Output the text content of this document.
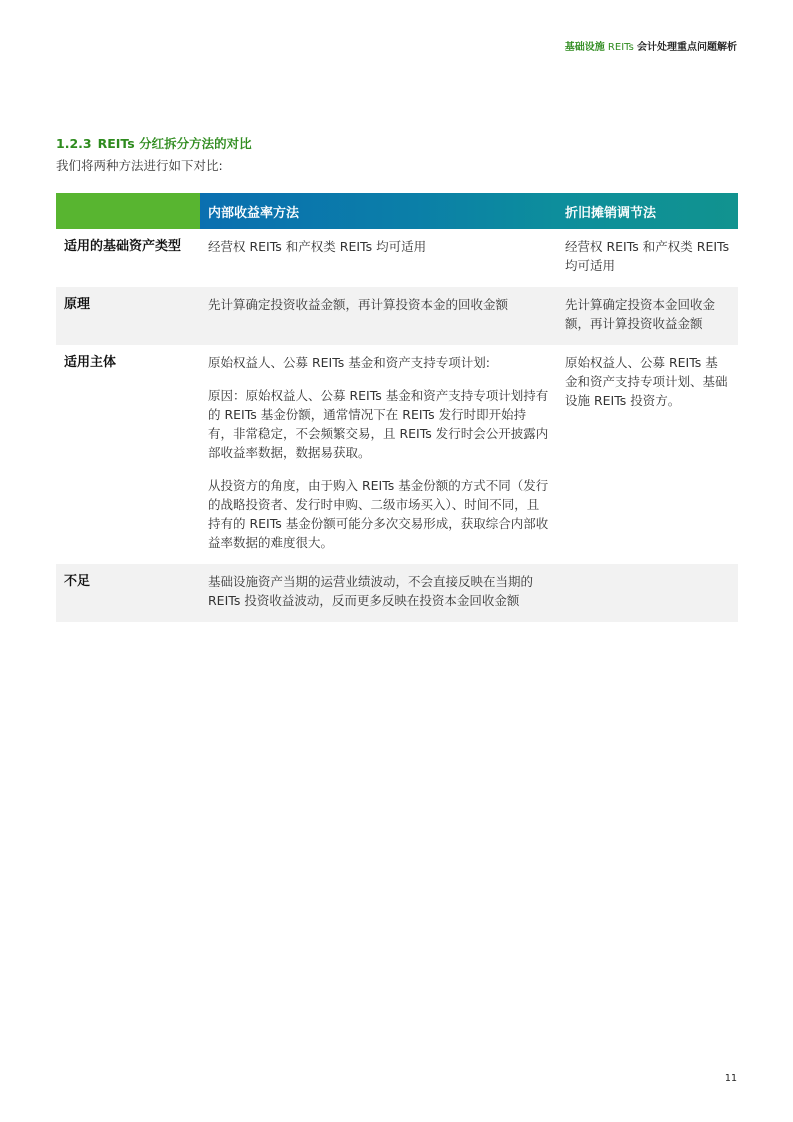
基础设施 REITs 会计处理重点问题解析
1.2.3 REITs 分红拆分方法的对比
我们将两种方法进行如下对比:
	内部收益率方法	折旧摊销调节法
适用的基础资产类型	经营权 REITs 和产权类 REITs 均可适用	经营权 REITs 和产权类 REITs 均可适用
原理	先计算确定投资收益金额，再计算投资本金的回收金额	先计算确定投资本金回收金额，再计算投资收益金额
适用主体	原始权益人、公募 REITs 基金和资产支持专项计划:

原因：原始权益人、公募 REITs 基金和资产支持专项计划持有的 REITs 基金份额，通常情况下在 REITs 发行时即开始持有，非常稳定，不会频繁交易，且 REITs 发行时会公开披露内部收益率数据，数据易获取。

从投资方的角度，由于购入 REITs 基金份额的方式不同（发行的战略投资者、发行时申购、二级市场买入）、时间不同，且持有的 REITs 基金份额可能分多次交易形成，获取综合内部收益率数据的难度很大。	原始权益人、公募 REITs 基金和资产支持专项计划、基础设施 REITs 投资方。
不足	基础设施资产当期的运营业绩波动，不会直接反映在当期的 REITs 投资收益波动，反而更多反映在投资本金回收金额	

11
